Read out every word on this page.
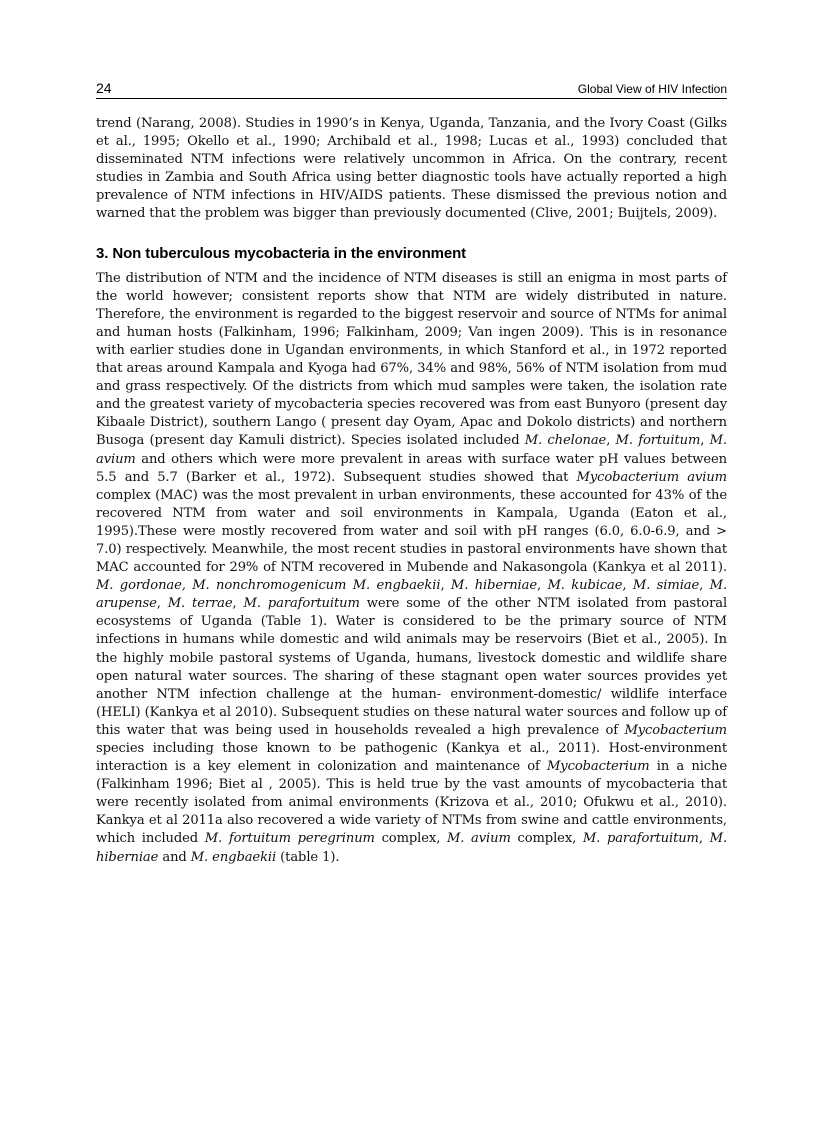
24	Global View of HIV Infection

trend (Narang, 2008). Studies in 1990’s in Kenya, Uganda, Tanzania, and the Ivory Coast (Gilks et al., 1995; Okello et al., 1990; Archibald et al., 1998; Lucas et al., 1993) concluded that disseminated NTM infections were relatively uncommon in Africa. On the contrary, recent studies in Zambia and South Africa using better diagnostic tools have actually reported a high prevalence of NTM infections in HIV/AIDS patients. These dismissed the previous notion and warned that the problem was bigger than previously documented (Clive, 2001; Buijtels, 2009).

3. Non tuberculous mycobacteria in the environment

The distribution of NTM and the incidence of NTM diseases is still an enigma in most parts of the world however; consistent reports show that NTM are widely distributed in nature. Therefore, the environment is regarded to the biggest reservoir and source of NTMs for animal and human hosts (Falkinham, 1996; Falkinham, 2009; Van ingen 2009). This is in resonance with earlier studies done in Ugandan environments, in which Stanford et al., in 1972 reported that areas around Kampala and Kyoga had 67%, 34% and 98%, 56% of NTM isolation from mud and grass respectively. Of the districts from which mud samples were taken, the isolation rate and the greatest variety of mycobacteria species recovered was from east Bunyoro (present day Kibaale District), southern Lango ( present day Oyam, Apac and Dokolo districts) and northern Busoga (present day Kamuli district). Species isolated included M. chelonae, M. fortuitum, M. avium and others which were more prevalent in areas with surface water pH values between 5.5 and 5.7 (Barker et al., 1972). Subsequent studies showed that Mycobacterium avium complex (MAC) was the most prevalent in urban environments, these accounted for 43% of the recovered NTM from water and soil environments in Kampala, Uganda (Eaton et al., 1995).These were mostly recovered from water and soil with pH ranges (6.0, 6.0-6.9, and > 7.0) respectively. Meanwhile, the most recent studies in pastoral environments have shown that MAC accounted for 29% of NTM recovered in Mubende and Nakasongola (Kankya et al 2011). M. gordonae, M. nonchromogenicum M. engbaekii, M. hiberniae, M. kubicae, M. simiae, M. arupense, M. terrae, M. parafortuitum were some of the other NTM isolated from pastoral ecosystems of Uganda (Table 1). Water is considered to be the primary source of NTM infections in humans while domestic and wild animals may be reservoirs (Biet et al., 2005). In the highly mobile pastoral systems of Uganda, humans, livestock domestic and wildlife share open natural water sources. The sharing of these stagnant open water sources provides yet another NTM infection challenge at the human- environment-domestic/ wildlife interface (HELI) (Kankya et al 2010). Subsequent studies on these natural water sources and follow up of this water that was being used in households revealed a high prevalence of Mycobacterium species including those known to be pathogenic (Kankya et al., 2011). Host-environment interaction is a key element in colonization and maintenance of Mycobacterium in a niche (Falkinham 1996; Biet al , 2005). This is held true by the vast amounts of mycobacteria that were recently isolated from animal environments (Krizova et al., 2010; Ofukwu et al., 2010). Kankya et al 2011a also recovered a wide variety of NTMs from swine and cattle environments, which included M. fortuitum peregrinum complex, M. avium complex, M. parafortuitum, M. hiberniae and M. engbaekii (table 1).
